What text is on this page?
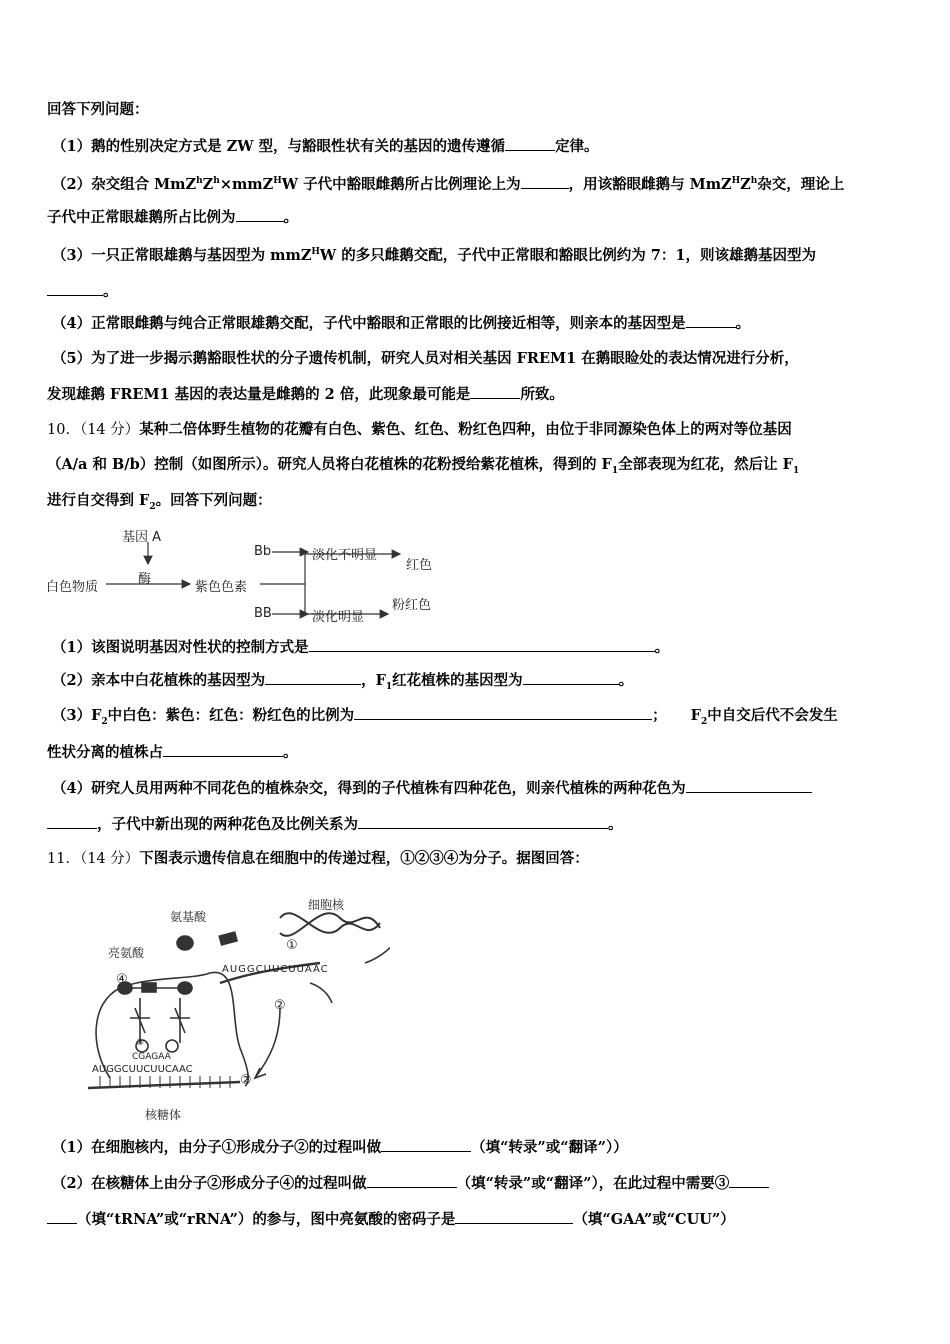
回答下列问题：
（1）鹅的性别决定方式是 ZW 型，与豁眼性状有关的基因的遗传遵循	定律。
（2）杂交组合 $MmZ^hZ^h\times mmZ^HW$ 子代中豁眼雌鹅所占比例理论上为	，用该豁眼雌鹅与 $MmZ^HZ^h$杂交，理论上
子代中正常眼雄鹅所占比例为	。
（3）一只正常眼雄鹅与基因型为 mmZ$^H$W 的多只雌鹅交配，子代中正常眼和豁眼比例约为 7：1，则该雄鹅基因型为
。
（4）正常眼雌鹅与纯合正常眼雄鹅交配，子代中豁眼和正常眼的比例接近相等，则亲本的基因型是	。
（5）为了进一步揭示鹅豁眼性状的分子遗传机制，研究人员对相关基因 FREM1 在鹅眼睑处的表达情况进行分析，
发现雄鹅 FREM1 基因的表达量是雌鹅的 2 倍，此现象最可能是	所致。
10．（14 分）某种二倍体野生植物的花瓣有白色、紫色、红色、粉红色四种，由位于非同源染色体上的两对等位基因
（A/a 和 B/b）控制（如图所示）。研究人员将白花植株的花粉授给紫花植株，得到的 $F_1$全部表现为红花，然后让 $F_1$
进行自交得到 $F_2$。回答下列问题：
基因 A
酶
白色物质	紫色色素
Bb
BB
淡化不明显
淡化明显
红色
粉红色
（1）该图说明基因对性状的控制方式是	。
（2）亲本中白花植株的基因型为	，$F_1$红花植株的基因型为	。
$(3)F_2$中白色：紫色：红色：粉红色的比例为	； $F_2$中自交后代不会发生
性状分离的植株占	。
（4）研究人员用两种不同花色的植株杂交，得到的子代植株有四种花色，则亲代植株的两种花色为
，子代中新出现的两种花色及比例关系为	。
11．（14 分）下图表示遗传信息在细胞中的传递过程，①②③④为分子。据图回答：
氨基酸
细胞核
亮氨酸
核糖体
AUGGCUUCUUAAC
AUGGCUUCUUCAAC
CGAGAA
①
②
②
③
④
（1）在细胞核内，由分子①形成分子②的过程叫做	（填“转录”或“翻译”））
（2）在核糖体上由分子②形成分子④的过程叫做	（填“转录”或“翻译”），在此过程中需要③
（填“tRNA”或“rRNA”）的参与，图中亮氨酸的密码子是	（填“GAA”或“CUU”）
